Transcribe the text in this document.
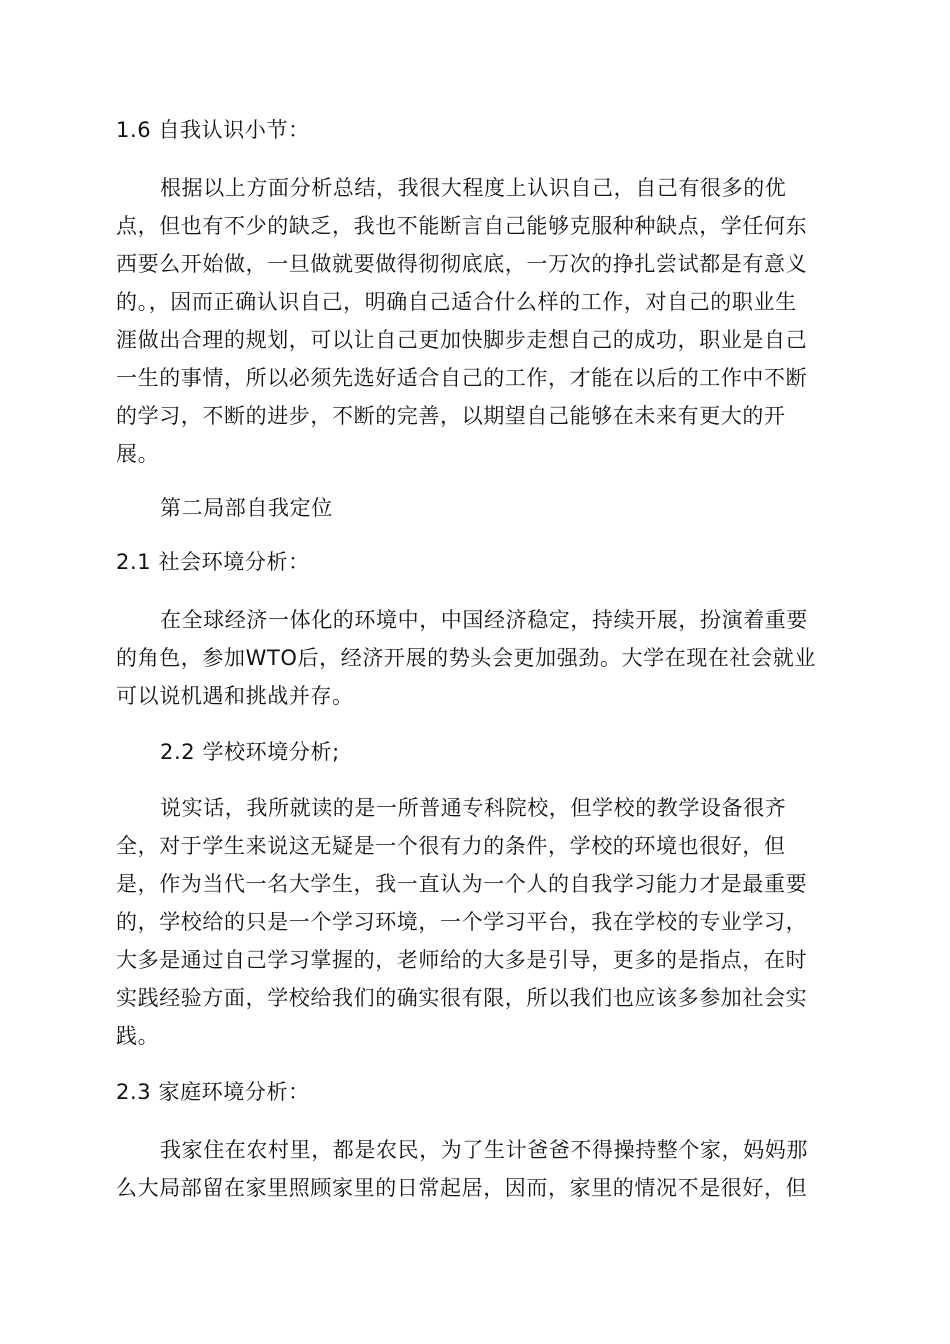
1.6 自我认识小节：
根据以上方面分析总结，我很大程度上认识自己，自己有很多的优
点，但也有不少的缺乏，我也不能断言自己能够克服种种缺点，学任何东
西要么开始做，一旦做就要做得彻彻底底，一万次的挣扎尝试都是有意义
的。，因而正确认识自己，明确自己适合什么样的工作，对自己的职业生
涯做出合理的规划，可以让自己更加快脚步走想自己的成功，职业是自己
一生的事情，所以必须先选好适合自己的工作，才能在以后的工作中不断
的学习，不断的进步，不断的完善，以期望自己能够在未来有更大的开
展。
第二局部自我定位
2.1 社会环境分析：
在全球经济一体化的环境中，中国经济稳定，持续开展，扮演着重要
的角色，参加WTO后，经济开展的势头会更加强劲。大学在现在社会就业
可以说机遇和挑战并存。
2.2 学校环境分析;
说实话，我所就读的是一所普通专科院校，但学校的教学设备很齐
全，对于学生来说这无疑是一个很有力的条件，学校的环境也很好，但
是，作为当代一名大学生，我一直认为一个人的自我学习能力才是最重要
的，学校给的只是一个学习环境，一个学习平台，我在学校的专业学习，
大多是通过自己学习掌握的，老师给的大多是引导，更多的是指点，在时
实践经验方面，学校给我们的确实很有限，所以我们也应该多参加社会实
践。
2.3 家庭环境分析：
我家住在农村里，都是农民，为了生计爸爸不得操持整个家，妈妈那
么大局部留在家里照顾家里的日常起居，因而，家里的情况不是很好，但
